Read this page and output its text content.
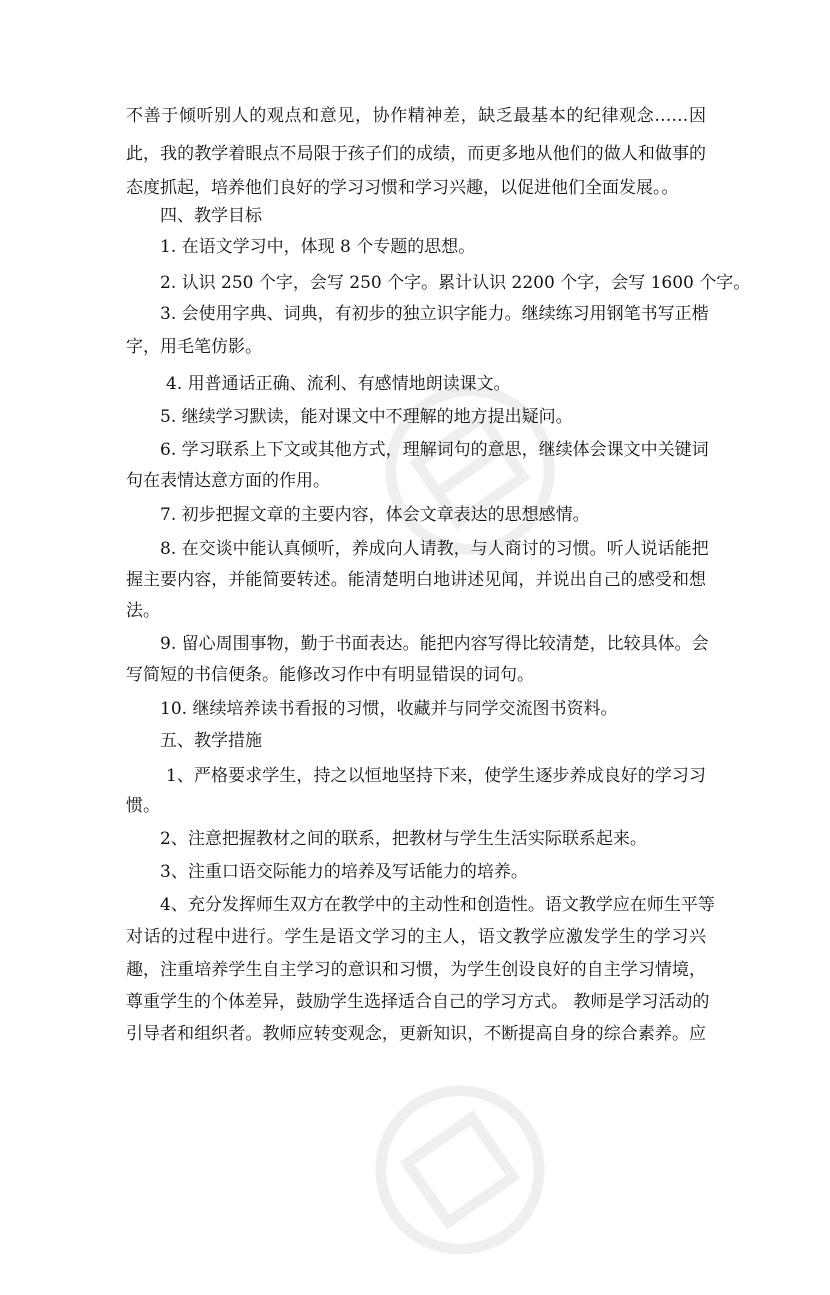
不善于倾听别人的观点和意见，协作精神差，缺乏最基本的纪律观念……因
此，我的教学着眼点不局限于孩子们的成绩，而更多地从他们的做人和做事的
态度抓起，培养他们良好的学习习惯和学习兴趣，以促进他们全面发展。。
四、教学目标
1. 在语文学习中，体现 8 个专题的思想。
2. 认识 250 个字，会写 250 个字。累计认识 2200 个字，会写 1600 个字。
3. 会使用字典、词典，有初步的独立识字能力。继续练习用钢笔书写正楷
字，用毛笔仿影。
4. 用普通话正确、流利、有感情地朗读课文。
5. 继续学习默读，能对课文中不理解的地方提出疑问。
6. 学习联系上下文或其他方式，理解词句的意思，继续体会课文中关键词
句在表情达意方面的作用。
7. 初步把握文章的主要内容，体会文章表达的思想感情。
8. 在交谈中能认真倾听，养成向人请教，与人商讨的习惯。听人说话能把
握主要内容，并能简要转述。能清楚明白地讲述见闻，并说出自己的感受和想
法。
9. 留心周围事物，勤于书面表达。能把内容写得比较清楚，比较具体。会
写简短的书信便条。能修改习作中有明显错误的词句。
10. 继续培养读书看报的习惯，收藏并与同学交流图书资料。
五、教学措施
1、严格要求学生，持之以恒地坚持下来，使学生逐步养成良好的学习习
惯。
2、注意把握教材之间的联系，把教材与学生生活实际联系起来。
3、注重口语交际能力的培养及写话能力的培养。
4、充分发挥师生双方在教学中的主动性和创造性。语文教学应在师生平等
对话的过程中进行。学生是语文学习的主人，语文教学应激发学生的学习兴
趣，注重培养学生自主学习的意识和习惯，为学生创设良好的自主学习情境，
尊重学生的个体差异，鼓励学生选择适合自己的学习方式。 教师是学习活动的
引导者和组织者。教师应转变观念，更新知识，不断提高自身的综合素养。应
